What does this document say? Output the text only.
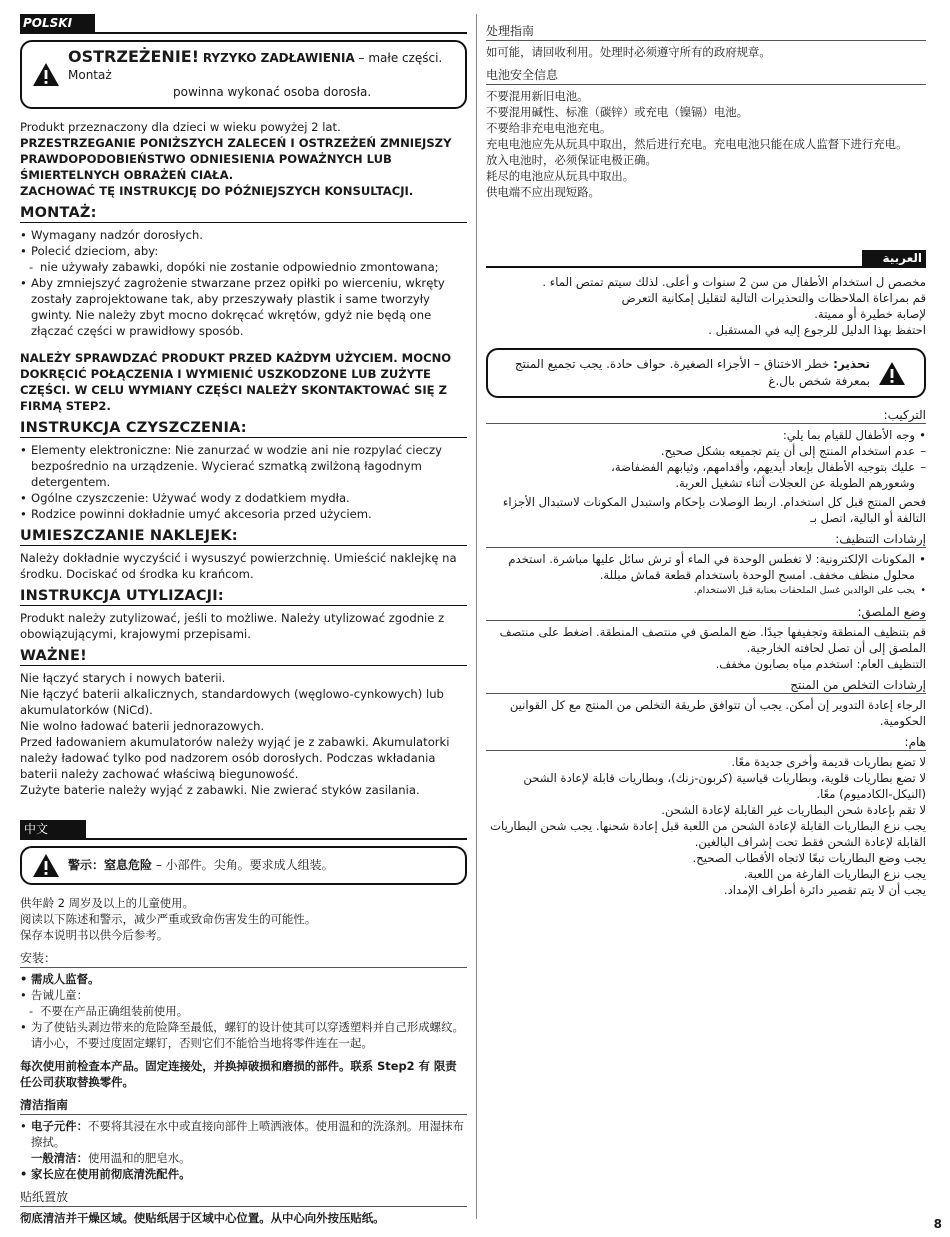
POLSKI
OSTRZEŻENIE! RYZYKO ZADŁAWIENIA – małe części. Montaż
powinna wykonać osoba dorosła.

Produkt przeznaczony dla dzieci w wieku powyżej 2 lat.

PRZESTRZEGANIE PONIŻSZYCH ZALECEŃ I OSTRZEŻEŃ ZMNIEJSZY PRAWDOPODOBIEŃSTWO ODNIESIENIA POWAŻNYCH LUB ŚMIERTELNYCH OBRAŻEŃ CIAŁA.

ZACHOWAĆ TĘ INSTRUKCJĘ DO PÓŹNIEJSZYCH KONSULTACJI.

MONTAŻ:
• Wymagany nadzór dorosłych.
• Polecić dzieciom, aby:
- nie używały zabawki, dopóki nie zostanie odpowiednio zmontowana;
• Aby zmniejszyć zagrożenie stwarzane przez opiłki po wierceniu, wkręty zostały zaprojektowane tak, aby przeszywały plastik i same tworzyły gwinty. Nie należy zbyt mocno dokręcać wkrętów, gdyż nie będą one złączać części w prawidłowy sposób.

NALEŻY SPRAWDZAĆ PRODUKT PRZED KAŻDYM UŻYCIEM. MOCNO DOKRĘCIĆ POŁĄCZENIA I WYMIENIĆ USZKODZONE LUB ZUŻYTE CZĘŚCI. W CELU WYMIANY CZĘŚCI NALEŻY SKONTAKTOWAĆ SIĘ Z FIRMĄ STEP2.

INSTRUKCJA CZYSZCZENIA:
• Elementy elektroniczne: Nie zanurzać w wodzie ani nie rozpylać cieczy bezpośrednio na urządzenie. Wycierać szmatką zwilżoną łagodnym detergentem.
• Ogólne czyszczenie: Używać wody z dodatkiem mydła.
• Rodzice powinni dokładnie umyć akcesoria przed użyciem.
UMIESZCZANIE NAKLEJEK:

Należy dokładnie wyczyścić i wysuszyć powierzchnię. Umieścić naklejkę na środku. Dociskać od środka ku krańcom.

INSTRUKCJA UTYLIZACJI:

Produkt należy zutylizować, jeśli to możliwe. Należy utylizować zgodnie z obowiązującymi, krajowymi przepisami.

WAŻNE!

Nie łączyć starych i nowych baterii.

Nie łączyć baterii alkalicznych, standardowych (węglowo-cynkowych) lub akumulatorków (NiCd).

Nie wolno ładować baterii jednorazowych.

Przed ładowaniem akumulatorów należy wyjąć je z zabawki. Akumulatorki należy ładować tylko pod nadzorem osób dorosłych. Podczas wkładania baterii należy zachować właściwą biegunowość.

Zużyte baterie należy wyjąć z zabawki. Nie zwierać styków zasilania.

中文
警示：窒息危险 – 小部件。尖角。要求成人组装。

供年龄 2 周岁及以上的儿童使用。

阅读以下陈述和警示，减少严重或致命伤害发生的可能性。

保存本说明书以供今后参考。

安装：
• 需成人监督。
• 告诫儿童：
- 不要在产品正确组装前使用。
• 为了使钻头剥边带来的危险降至最低，螺钉的设计使其可以穿透塑料并自己形成螺纹。请小心，不要过度固定螺钉，否则它们不能恰当地将零件连在一起。

每次使用前检查本产品。固定连接处，并换掉破损和磨损的部件。联系 Step2 有 限责任公司获取替换零件。

清洁指南
• 电子元件：不要将其浸在水中或直接向部件上喷洒液体。使用温和的洗涤剂。用湿抹布擦拭。
一般清洁：使用温和的肥皂水。
• 家长应在使用前彻底清洗配件。
贴纸置放

彻底清洁并干燥区域。使贴纸居于区域中心位置。从中心向外按压贴纸。

处理指南

如可能，请回收利用。处理时必须遵守所有的政府规章。

电池安全信息

不要混用新旧电池。

不要混用碱性、标准（碳锌）或充电（镍镉）电池。

不要给非充电电池充电。

充电电池应先从玩具中取出，然后进行充电。充电电池只能在成人监督下进行充电。

放入电池时，必须保证电极正确。

耗尽的电池应从玩具中取出。

供电端不应出现短路。

العربية

مخصص ل استخدام الأطفال من سن 2 سنوات و أعلى. لذلك سيتم تمتص الماء .

قم بمراعاة الملاحظات والتحذيرات التالية لتقليل إمكانية التعرض

لإصابة خطيرة أو مميتة.

احتفظ بهذا الدليل للرجوع إليه في المستقبل .

تحذير: خطر الاختناق – الأجزاء الصغيرة. حواف حادة. يجب تجميع المنتج بمعرفة شخص بال.غ
التركيب:
• وجه الأطفال للقيام بما يلي:
– عدم استخدام المنتج إلى أن يتم تجميعه بشكل صحيح.
– عليك بتوجيه الأطفال بإبعاد أيديهم، وأقدامهم، وثيابهم الفضفاضة،
وشعورهم الطويلة عن العجلات أثناء تشغيل العربة.

فحص المنتج قبل كل استخدام. اربط الوصلات بإحكام واستبدل المكونات لاستبدال الأجزاء التالفة أو البالية، اتصل بـ

إرشادات التنظيف:
• المكونات الإلكترونية: لا تغطس الوحدة في الماء أو ترش سائل عليها مباشرة. استخدم محلول منظف مخفف. امسح الوحدة باستخدام قطعة قماش مبللة.
• يجب على الوالدين غسل الملحقات بعناية قبل الاستخدام.
وضع الملصق:

قم بتنظيف المنطقة وتجفيفها جيدًا. ضع الملصق في منتصف المنطقة. اضغط على منتصف الملصق إلى أن تصل لحافته الخارجية.

التنظيف العام: استخدم مياه بصابون مخفف.

إرشادات التخلص من المنتج

الرجاء إعادة التدوير إن أمكن. يجب أن تتوافق طريقة التخلص من المنتج مع كل القوانين الحكومية.

هام:

لا تضع بطاريات قديمة وأخرى جديدة معًا.

لا تضع بطاريات قلوية، وبطاريات قياسية (كربون-زنك)، وبطاريات قابلة لإعادة الشحن (النيكل-الكادميوم) معًا.

لا تقم بإعادة شحن البطاريات غير القابلة لإعادة الشحن.

يجب نزع البطاريات القابلة لإعادة الشحن من اللعبة قبل إعادة شحنها. يجب شحن البطاريات القابلة لإعادة الشحن فقط تحت إشراف البالغين.

يجب وضع البطاريات تبعًا لاتجاه الأقطاب الصحيح.

يجب نزع البطاريات الفارغة من اللعبة.

يجب أن لا يتم تقصير دائرة أطراف الإمداد.

8
